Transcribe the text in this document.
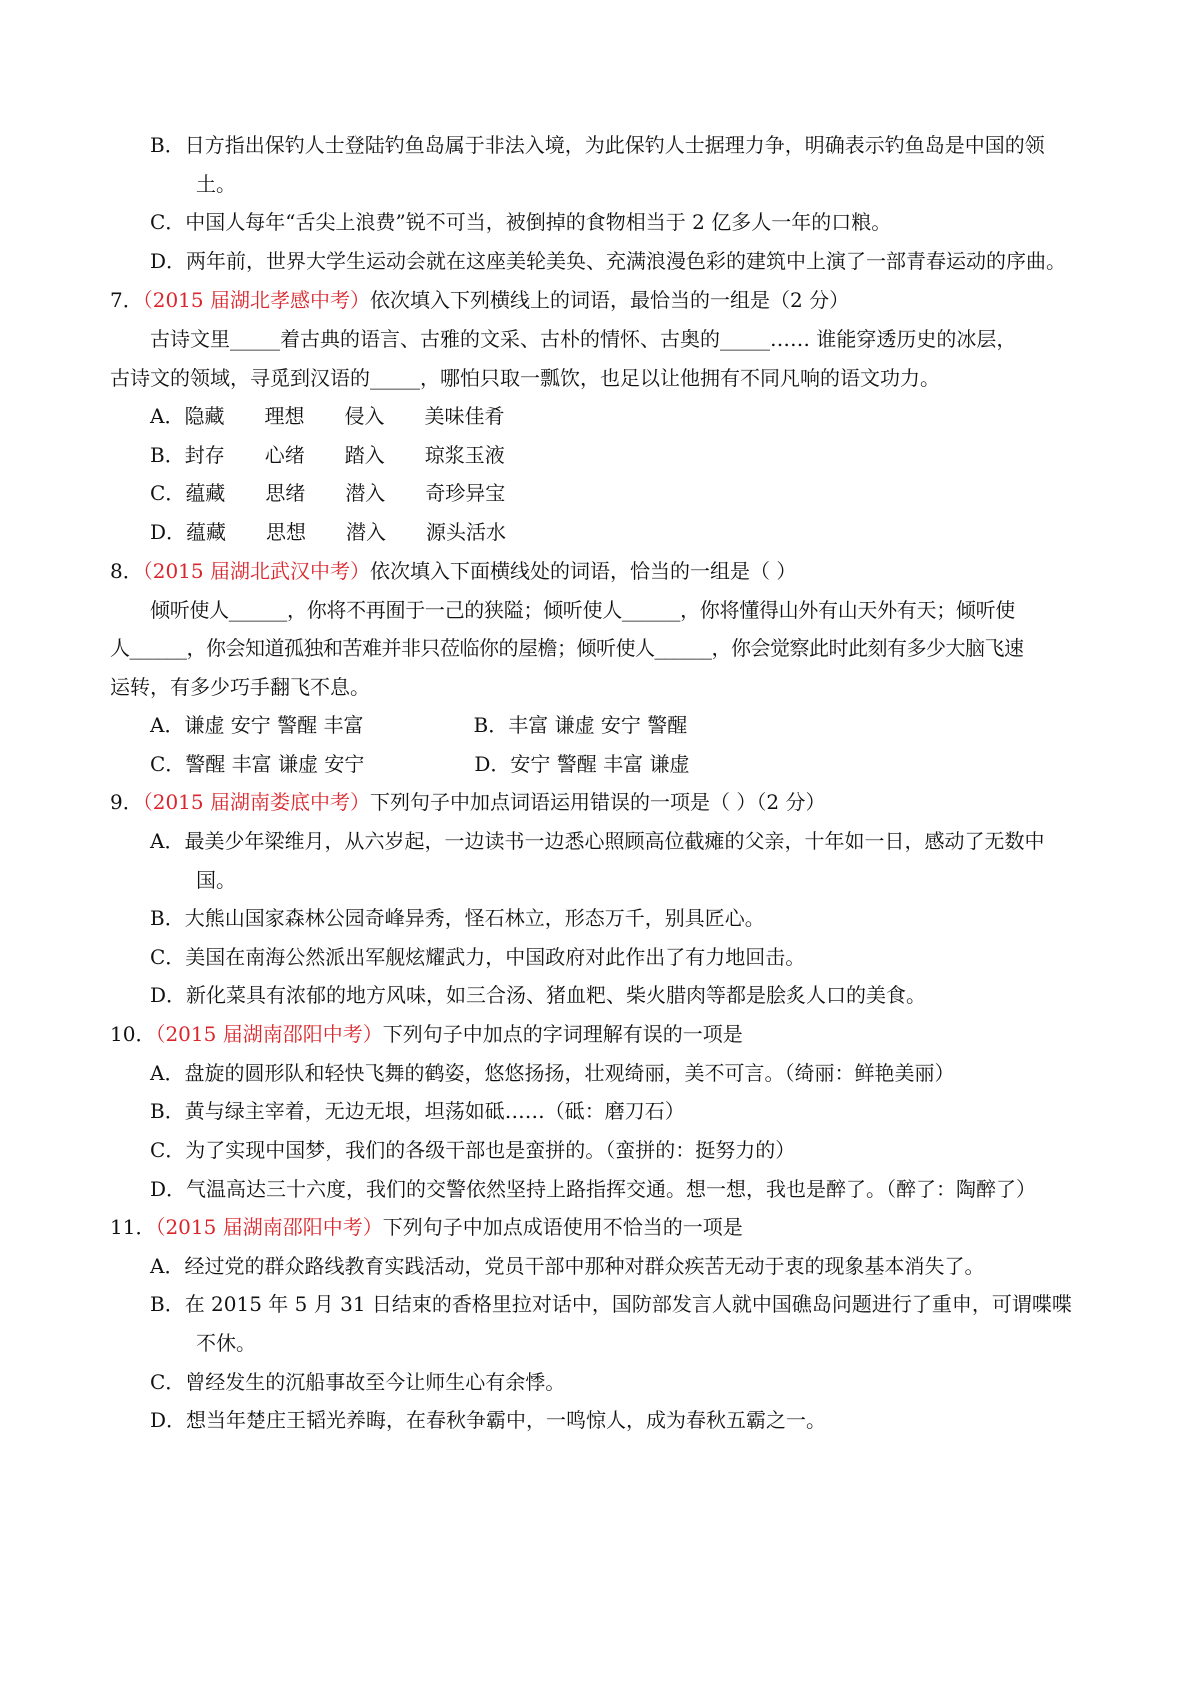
B．日方指出保钓人士登陆钓鱼岛属于非法入境，为此保钓人士据理力争，明确表示钓鱼岛是中国的领
土。
C．中国人每年“舌尖上浪费”锐不可当，被倒掉的食物相当于 2 亿多人一年的口粮。
D．两年前，世界大学生运动会就在这座美轮美奂、充满浪漫色彩的建筑中上演了一部青春运动的序曲。
7．（2015 届湖北孝感中考）依次填入下列横线上的词语，最恰当的一组是（2 分）
古诗文里_____着古典的语言、古雅的文采、古朴的情怀、古奥的_____…… 谁能穿透历史的冰层，
古诗文的领域，寻觅到汉语的_____，哪怕只取一瓢饮，也足以让他拥有不同凡响的语文功力。
A．隐藏 理想 侵入 美味佳肴
B．封存 心绪 踏入 琼浆玉液
C．蕴藏 思绪 潜入 奇珍异宝
D．蕴藏 思想 潜入 源头活水
8．（2015 届湖北武汉中考）依次填入下面横线处的词语，恰当的一组是（ ）
倾听使人______，你将不再囿于一己的狭隘；倾听使人______，你将懂得山外有山天外有天；倾听使
人______，你会知道孤独和苦难并非只莅临你的屋檐；倾听使人______，你会觉察此时此刻有多少大脑飞速
运转，有多少巧手翻飞不息。
A．谦虚 安宁 警醒 丰富	B．丰富 谦虚 安宁 警醒
C．警醒 丰富 谦虚 安宁	D．安宁 警醒 丰富 谦虚
9．（2015 届湖南娄底中考）下列句子中加点词语运用错误的一项是（ ）（2 分）
A．最美少年梁维月，从六岁起，一边读书一边悉心照顾高位截瘫的父亲，十年如一日，感动了无数中
国。
B．大熊山国家森林公园奇峰异秀，怪石林立，形态万千，别具匠心。
C．美国在南海公然派出军舰炫耀武力，中国政府对此作出了有力地回击。
D．新化菜具有浓郁的地方风味，如三合汤、猪血粑、柴火腊肉等都是脍炙人口的美食。
10．（2015 届湖南邵阳中考）下列句子中加点的字词理解有误的一项是
A．盘旋的圆形队和轻快飞舞的鹤姿，悠悠扬扬，壮观绮丽，美不可言。（绮丽：鲜艳美丽）
B．黄与绿主宰着，无边无垠，坦荡如砥……（砥：磨刀石）
C．为了实现中国梦，我们的各级干部也是蛮拼的。（蛮拼的：挺努力的）
D．气温高达三十六度，我们的交警依然坚持上路指挥交通。想一想，我也是醉了。（醉了：陶醉了）
11．（2015 届湖南邵阳中考）下列句子中加点成语使用不恰当的一项是
A．经过党的群众路线教育实践活动，党员干部中那种对群众疾苦无动于衷的现象基本消失了。
B．在 2015 年 5 月 31 日结束的香格里拉对话中，国防部发言人就中国礁岛问题进行了重申，可谓喋喋
不休。
C．曾经发生的沉船事故至今让师生心有余悸。
D．想当年楚庄王韬光养晦，在春秋争霸中，一鸣惊人，成为春秋五霸之一。
